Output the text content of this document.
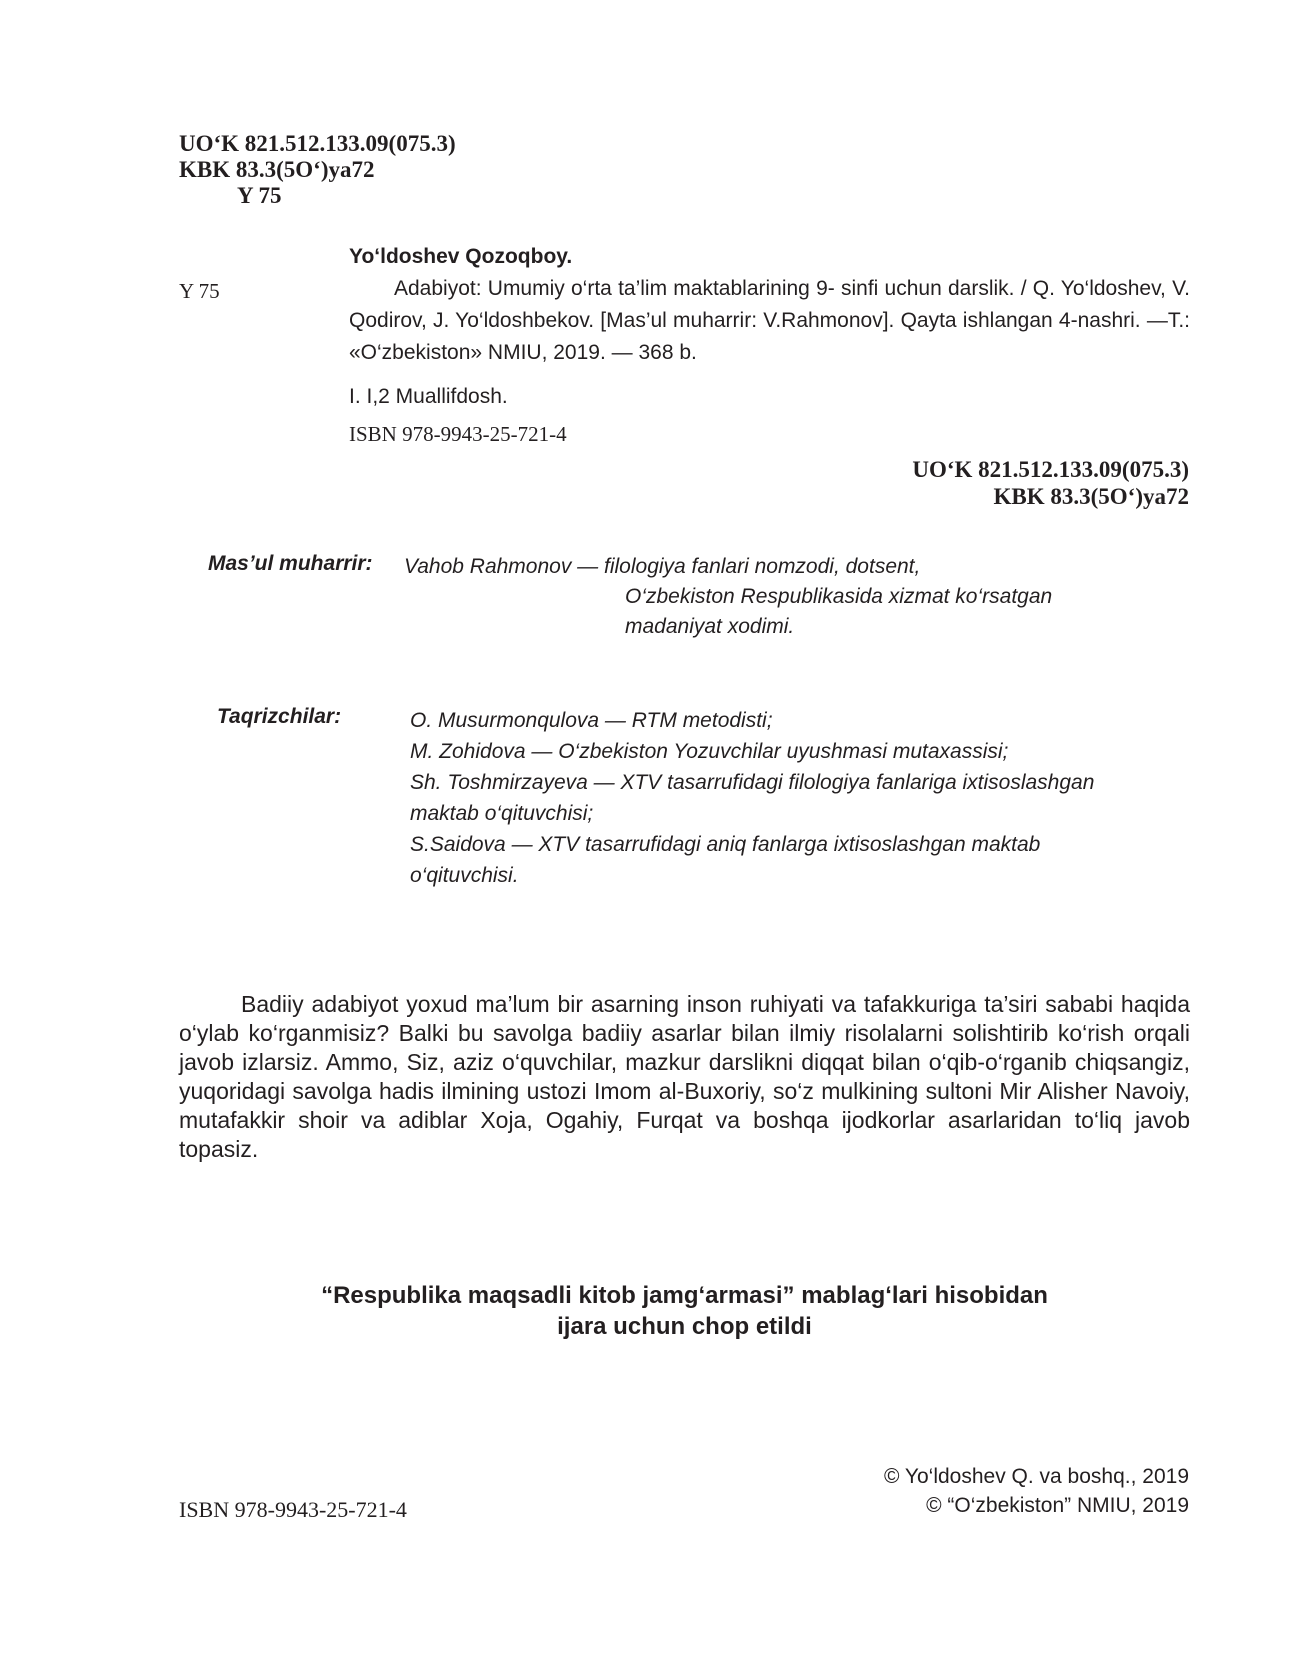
UO‘K 821.512.133.09(075.3)
KBK 83.3(5O‘)ya72
Y 75
Y 75
Yo‘ldoshev Qozoqboy.
Adabiyot: Umumiy o‘rta ta’lim maktablarining 9- sinfi uchun darslik. / Q. Yo‘ldoshev, V. Qodirov, J. Yo‘ldoshbekov. [Mas’ul muharrir: V.Rahmonov]. Qayta ishlangan 4-nashri. —T.: «O‘zbekiston» NMIU, 2019. — 368 b.
I. I,2 Muallifdosh.
ISBN 978-9943-25-721-4
UO‘K 821.512.133.09(075.3)
KBK 83.3(5O‘)ya72
Mas’ul muharrir: Vahob Rahmonov — filologiya fanlari nomzodi, dotsent,
O‘zbekiston Respublikasida xizmat ko‘rsatgan
madaniyat xodimi.
Taqrizchilar:	O. Musurmonqulova — RTM metodisti;
M. Zohidova — O‘zbekiston Yozuvchilar uyushmasi mutaxassisi;
Sh. Toshmirzayeva — XTV tasarrufidagi filologiya fanlariga ixtisoslashgan
maktab o‘qituvchisi;
S.Saidova — XTV tasarrufidagi aniq fanlarga ixtisoslashgan maktab
o‘qituvchisi.
Badiiy adabiyot yoxud ma’lum bir asarning inson ruhiyati va tafakkuriga ta’siri sababi haqida o‘ylab ko‘rganmisiz? Balki bu savolga badiiy asarlar bilan ilmiy risolalarni solishtirib ko‘rish orqali javob izlarsiz. Ammo, Siz, aziz o‘quvchilar, mazkur darslikni diqqat bilan o‘qib-o‘rganib chiqsangiz, yuqoridagi savolga hadis ilmining ustozi Imom al-Buxoriy, so‘z mulkining sultoni Mir Alisher Navoiy, mutafakkir shoir va adiblar Xoja, Ogahiy, Furqat va boshqa ijodkorlar asarlaridan to‘liq javob topasiz.
“Respublika maqsadli kitob jamg‘armasi” mablag‘lari hisobidan
ijara uchun chop etildi
© Yo‘ldoshev Q. va boshq., 2019
© “O‘zbekiston” NMIU, 2019
ISBN 978-9943-25-721-4
